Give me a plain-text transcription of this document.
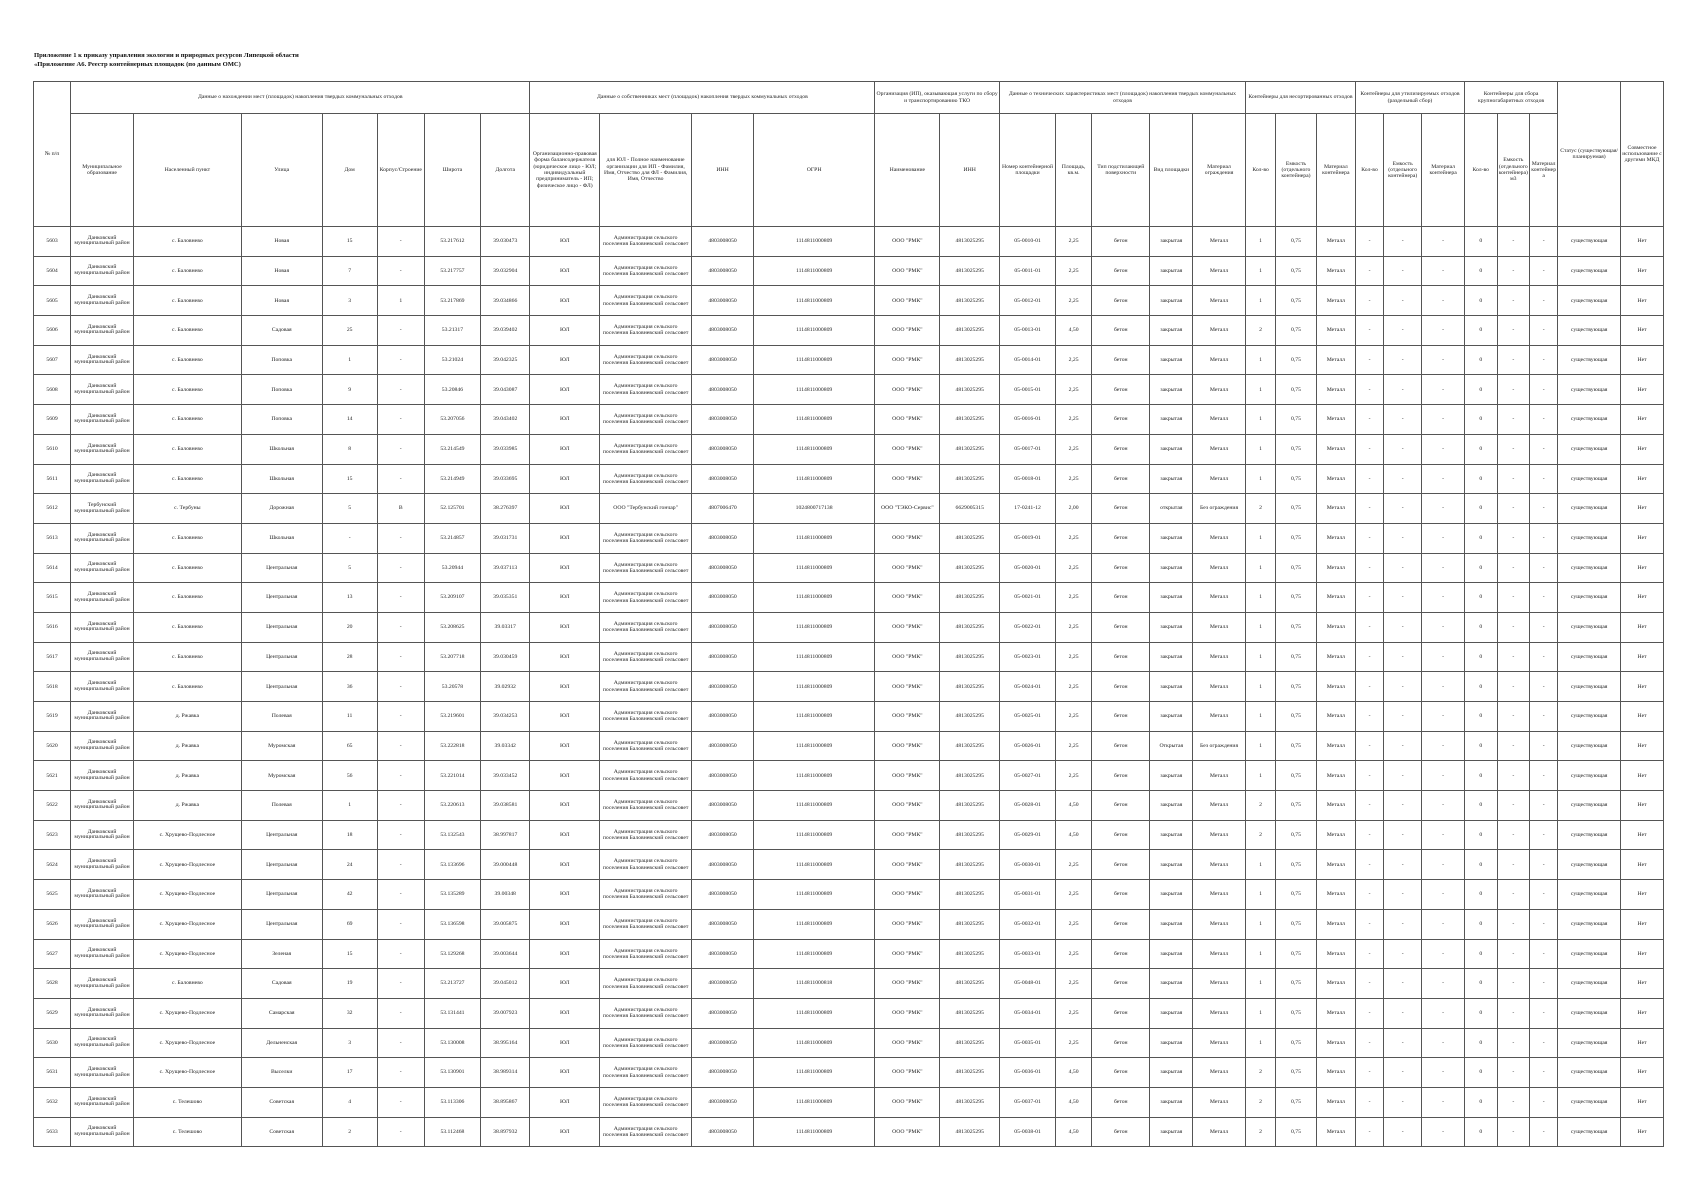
Приложение 1 к приказу управления экологии и природных ресурсов Липецкой области
«Приложение А6. Реестр контейнерных площадок (по данным ОМС)
№ п/п	Данные о нахождении мест (площадок) накопления твердых коммунальных отходов							Данные о собственниках мест (площадок) накопления твердых коммунальных отходов				Организация (ИП), оказывающая услуги по сбору и транспортированию ТКО		Данные о технических характеристиках мест (площадок) накопления твердых коммунальных отходов					Контейнеры для несортированных отходов			Контейнеры для утилизируемых отходов (раздельный сбор)			Контейнеры для сбора крупногабаритных отходов			Статус (существующая/планируемая)	Совместное использование с другими МКД
	Муниципальное образование	Населенный пункт	Улица	Дом	Корпус/Строение	Широта	Долгота	Организационно-правовая форма балансодержателя (юридическое лицо - ЮЛ; индивидуальный предприниматель - ИП; физическое лицо - ФЛ)	для ЮЛ - Полное наименование организации для ИП - Фамилия, Имя, Отчество для ФЛ - Фамилия, Имя, Отчество	ИНН	ОГРН	Наименование	ИНН	Номер контейнерной площадки	Площадь, кв.м.	Тип подстилающей поверхности	Вид площадки	Материал ограждения	Кол-во	Емкость (отдельного контейнера)	Материал контейнера	Кол-во	Емкость (отдельного контейнера)	Материал контейнера	Кол-во	Емкость (отдельного контейнера) м3	Материал контейнера		
5603	Данковский муниципальный район	с. Баловнево	Новая	15	-	53.217612	39.030473	ЮЛ	Администрация сельского поселения Баловневский сельсовет	4803008050	1114811000809	ООО "РМК"	4813025295	05-0010-01	2,25	бетон	закрытая	Металл	1	0,75	Металл	-	-	-	0	-	-	существующая	Нет
5604	Данковский муниципальный район	с. Баловнево	Новая	7	-	53.217757	39.032904	ЮЛ	Администрация сельского поселения Баловневский сельсовет	4803008050	1114811000809	ООО "РМК"	4813025295	05-0011-01	2,25	бетон	закрытая	Металл	1	0,75	Металл	-	-	-	0	-	-	существующая	Нет
5605	Данковский муниципальный район	с. Баловнево	Новая	3	1	53.217869	39.034866	ЮЛ	Администрация сельского поселения Баловневский сельсовет	4803008050	1114811000809	ООО "РМК"	4813025295	05-0012-01	2,25	бетон	закрытая	Металл	1	0,75	Металл	-	-	-	0	-	-	существующая	Нет
5606	Данковский муниципальный район	с. Баловнево	Садовая	25	-	53.21317	39.039402	ЮЛ	Администрация сельского поселения Баловневский сельсовет	4803008050	1114811000809	ООО "РМК"	4813025295	05-0013-01	4,50	бетон	закрытая	Металл	2	0,75	Металл	-	-	-	0	-	-	существующая	Нет
5607	Данковский муниципальный район	с. Баловнево	Поповка	1	-	53.21024	39.042325	ЮЛ	Администрация сельского поселения Баловневский сельсовет	4803008050	1114811000809	ООО "РМК"	4813025295	05-0014-01	2,25	бетон	закрытая	Металл	1	0,75	Металл	-	-	-	0	-	-	существующая	Нет
5608	Данковский муниципальный район	с. Баловнево	Поповка	9	-	53.20846	39.043087	ЮЛ	Администрация сельского поселения Баловневский сельсовет	4803008050	1114811000809	ООО "РМК"	4813025295	05-0015-01	2,25	бетон	закрытая	Металл	1	0,75	Металл	-	-	-	0	-	-	существующая	Нет
5609	Данковский муниципальный район	с. Баловнево	Поповка	14	-	53.207056	39.043402	ЮЛ	Администрация сельского поселения Баловневский сельсовет	4803008050	1114811000809	ООО "РМК"	4813025295	05-0016-01	2,25	бетон	закрытая	Металл	1	0,75	Металл	-	-	-	0	-	-	существующая	Нет
5610	Данковский муниципальный район	с. Баловнево	Школьная	8	-	53.214549	39.033985	ЮЛ	Администрация сельского поселения Баловневский сельсовет	4803008050	1114811000809	ООО "РМК"	4813025295	05-0017-01	2,25	бетон	закрытая	Металл	1	0,75	Металл	-	-	-	0	-	-	существующая	Нет
5611	Данковский муниципальный район	с. Баловнево	Школьная	15	-	53.214949	39.033695	ЮЛ	Администрация сельского поселения Баловневский сельсовет	4803008050	1114811000809	ООО "РМК"	4813025295	05-0018-01	2,25	бетон	закрытая	Металл	1	0,75	Металл	-	-	-	0	-	-	существующая	Нет
5612	Тербунский муниципальный район	с. Тербуны	Дорожная	5	В	52.125701	38.276397	ЮЛ	ООО "Тербунский гончар"	4807006470	1024800717138	ООО "ТЭКО-Сервис"	6629005315	17-0241-12	2,00	бетон	открытая	Без ограждения	2	0,75	Металл	-	-	-	0	-	-	существующая	Нет
5613	Данковский муниципальный район	с. Баловнево	Школьная	-	-	53.214857	39.031731	ЮЛ	Администрация сельского поселения Баловневский сельсовет	4803008050	1114811000809	ООО "РМК"	4813025295	05-0019-01	2,25	бетон	закрытая	Металл	1	0,75	Металл	-	-	-	0	-	-	существующая	Нет
5614	Данковский муниципальный район	с. Баловнево	Центральная	5	-	53.20944	39.037113	ЮЛ	Администрация сельского поселения Баловневский сельсовет	4803008050	1114811000809	ООО "РМК"	4813025295	05-0020-01	2,25	бетон	закрытая	Металл	1	0,75	Металл	-	-	-	0	-	-	существующая	Нет
5615	Данковский муниципальный район	с. Баловнево	Центральная	13	-	53.209107	39.035351	ЮЛ	Администрация сельского поселения Баловневский сельсовет	4803008050	1114811000809	ООО "РМК"	4813025295	05-0021-01	2,25	бетон	закрытая	Металл	1	0,75	Металл	-	-	-	0	-	-	существующая	Нет
5616	Данковский муниципальный район	с. Баловнево	Центральная	20	-	53.208625	39.03317	ЮЛ	Администрация сельского поселения Баловневский сельсовет	4803008050	1114811000809	ООО "РМК"	4813025295	05-0022-01	2,25	бетон	закрытая	Металл	1	0,75	Металл	-	-	-	0	-	-	существующая	Нет
5617	Данковский муниципальный район	с. Баловнево	Центральная	28	-	53.207718	39.030459	ЮЛ	Администрация сельского поселения Баловневский сельсовет	4803008050	1114811000809	ООО "РМК"	4813025295	05-0023-01	2,25	бетон	закрытая	Металл	1	0,75	Металл	-	-	-	0	-	-	существующая	Нет
5618	Данковский муниципальный район	с. Баловнево	Центральная	36	-	53.20578	39.02932	ЮЛ	Администрация сельского поселения Баловневский сельсовет	4803008050	1114811000809	ООО "РМК"	4813025295	05-0024-01	2,25	бетон	закрытая	Металл	1	0,75	Металл	-	-	-	0	-	-	существующая	Нет
5619	Данковский муниципальный район	д. Ржавка	Полевая	11	-	53.219601	39.034253	ЮЛ	Администрация сельского поселения Баловневский сельсовет	4803008050	1114811000809	ООО "РМК"	4813025295	05-0025-01	2,25	бетон	закрытая	Металл	1	0,75	Металл	-	-	-	0	-	-	существующая	Нет
5620	Данковский муниципальный район	д. Ржавка	Муромская	65	-	53.222818	39.03342	ЮЛ	Администрация сельского поселения Баловневский сельсовет	4803008050	1114811000809	ООО "РМК"	4813025295	05-0026-01	2,25	бетон	Открытая	Без ограждения	1	0,75	Металл	-	-	-	0	-	-	существующая	Нет
5621	Данковский муниципальный район	д. Ржавка	Муромская	56	-	53.221014	39.033452	ЮЛ	Администрация сельского поселения Баловневский сельсовет	4803008050	1114811000809	ООО "РМК"	4813025295	05-0027-01	2,25	бетон	закрытая	Металл	1	0,75	Металл	-	-	-	0	-	-	существующая	Нет
5622	Данковский муниципальный район	д. Ржавка	Полевая	1	-	53.220613	39.038581	ЮЛ	Администрация сельского поселения Баловневский сельсовет	4803008050	1114811000809	ООО "РМК"	4813025295	05-0028-01	4,50	бетон	закрытая	Металл	2	0,75	Металл	-	-	-	0	-	-	существующая	Нет
5623	Данковский муниципальный район	с. Хрущево-Подлесное	Центральная	18	-	53.132543	38.997817	ЮЛ	Администрация сельского поселения Баловневский сельсовет	4803008050	1114811000809	ООО "РМК"	4813025295	05-0029-01	4,50	бетон	закрытая	Металл	2	0,75	Металл	-	-	-	0	-	-	существующая	Нет
5624	Данковский муниципальный район	с. Хрущево-Подлесное	Центральная	24	-	53.133696	39.000448	ЮЛ	Администрация сельского поселения Баловневский сельсовет	4803008050	1114811000809	ООО "РМК"	4813025295	05-0030-01	2,25	бетон	закрытая	Металл	1	0,75	Металл	-	-	-	0	-	-	существующая	Нет
5625	Данковский муниципальный район	с. Хрущево-Подлесное	Центральная	42	-	53.135289	39.00348	ЮЛ	Администрация сельского поселения Баловневский сельсовет	4803008050	1114811000809	ООО "РМК"	4813025295	05-0031-01	2,25	бетон	закрытая	Металл	1	0,75	Металл	-	-	-	0	-	-	существующая	Нет
5626	Данковский муниципальный район	с. Хрущево-Подлесное	Центральная	69	-	53.136598	39.005875	ЮЛ	Администрация сельского поселения Баловневский сельсовет	4803008050	1114811000809	ООО "РМК"	4813025295	05-0032-01	2,25	бетон	закрытая	Металл	1	0,75	Металл	-	-	-	0	-	-	существующая	Нет
5627	Данковский муниципальный район	с. Хрущево-Подлесное	Зеленая	15	-	53.129268	39.003644	ЮЛ	Администрация сельского поселения Баловневский сельсовет	4803008050	1114811000809	ООО "РМК"	4813025295	05-0033-01	2,25	бетон	закрытая	Металл	1	0,75	Металл	-	-	-	0	-	-	существующая	Нет
5628	Данковский муниципальный район	с. Баловнево	Садовая	19	-	53.213727	39.045012	ЮЛ	Администрация сельского поселения Баловневский сельсовет	4803008050	1114811000818	ООО "РМК"	4813025295	05-0048-01	2,25	бетон	закрытая	Металл	1	0,75	Металл	-	-	-	0	-	-	существующая	Нет
5629	Данковский муниципальный район	с. Хрущево-Подлесное	Самарская	32	-	53.131441	39.007923	ЮЛ	Администрация сельского поселения Баловневский сельсовет	4803008050	1114811000809	ООО "РМК"	4813025295	05-0034-01	2,25	бетон	закрытая	Металл	1	0,75	Металл	-	-	-	0	-	-	существующая	Нет
5630	Данковский муниципальный район	с. Хрущево-Подлесное	Дельненская	3	-	53.130008	38.995164	ЮЛ	Администрация сельского поселения Баловневский сельсовет	4803008050	1114811000809	ООО "РМК"	4813025295	05-0035-01	2,25	бетон	закрытая	Металл	1	0,75	Металл	-	-	-	0	-	-	существующая	Нет
5631	Данковский муниципальный район	с. Хрущево-Подлесное	Выселки	17	-	53.130901	38.989314	ЮЛ	Администрация сельского поселения Баловневский сельсовет	4803008050	1114811000809	ООО "РМК"	4813025295	05-0036-01	4,50	бетон	закрытая	Металл	2	0,75	Металл	-	-	-	0	-	-	существующая	Нет
5632	Данковский муниципальный район	с. Телешово	Советская	4	-	53.113306	38.895867	ЮЛ	Администрация сельского поселения Баловневский сельсовет	4803008050	1114811000809	ООО "РМК"	4813025295	05-0037-01	4,50	бетон	закрытая	Металл	2	0,75	Металл	-	-	-	0	-	-	существующая	Нет
5633	Данковский муниципальный район	с. Телешово	Советская	2	-	53.112468	38.897932	ЮЛ	Администрация сельского поселения Баловневский сельсовет	4803008050	1114811000809	ООО "РМК"	4813025295	05-0038-01	4,50	бетон	закрытая	Металл	2	0,75	Металл	-	-	-	0	-	-	существующая	Нет
